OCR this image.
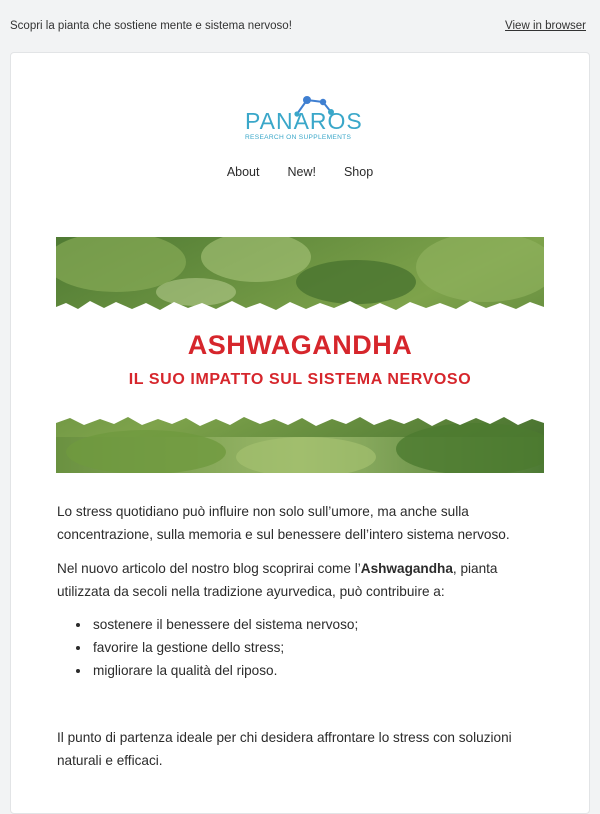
Scopri la pianta che sostiene mente e sistema nervoso!	View in browser
PANAROS
RESEARCH ON SUPPLEMENTS
About New! Shop
ASHWAGANDHA
IL SUO IMPATTO SUL SISTEMA NERVOSO
Lo stress quotidiano può influire non solo sull’umore, ma anche sulla concentrazione, sulla memoria e sul benessere dell’intero sistema nervoso.
Nel nuovo articolo del nostro blog scoprirai come l’Ashwagandha, pianta utilizzata da secoli nella tradizione ayurvedica, può contribuire a:
• sostenere il benessere del sistema nervoso;
• favorire la gestione dello stress;
• migliorare la qualità del riposo.
Il punto di partenza ideale per chi desidera affrontare lo stress con soluzioni naturali e efficaci.
